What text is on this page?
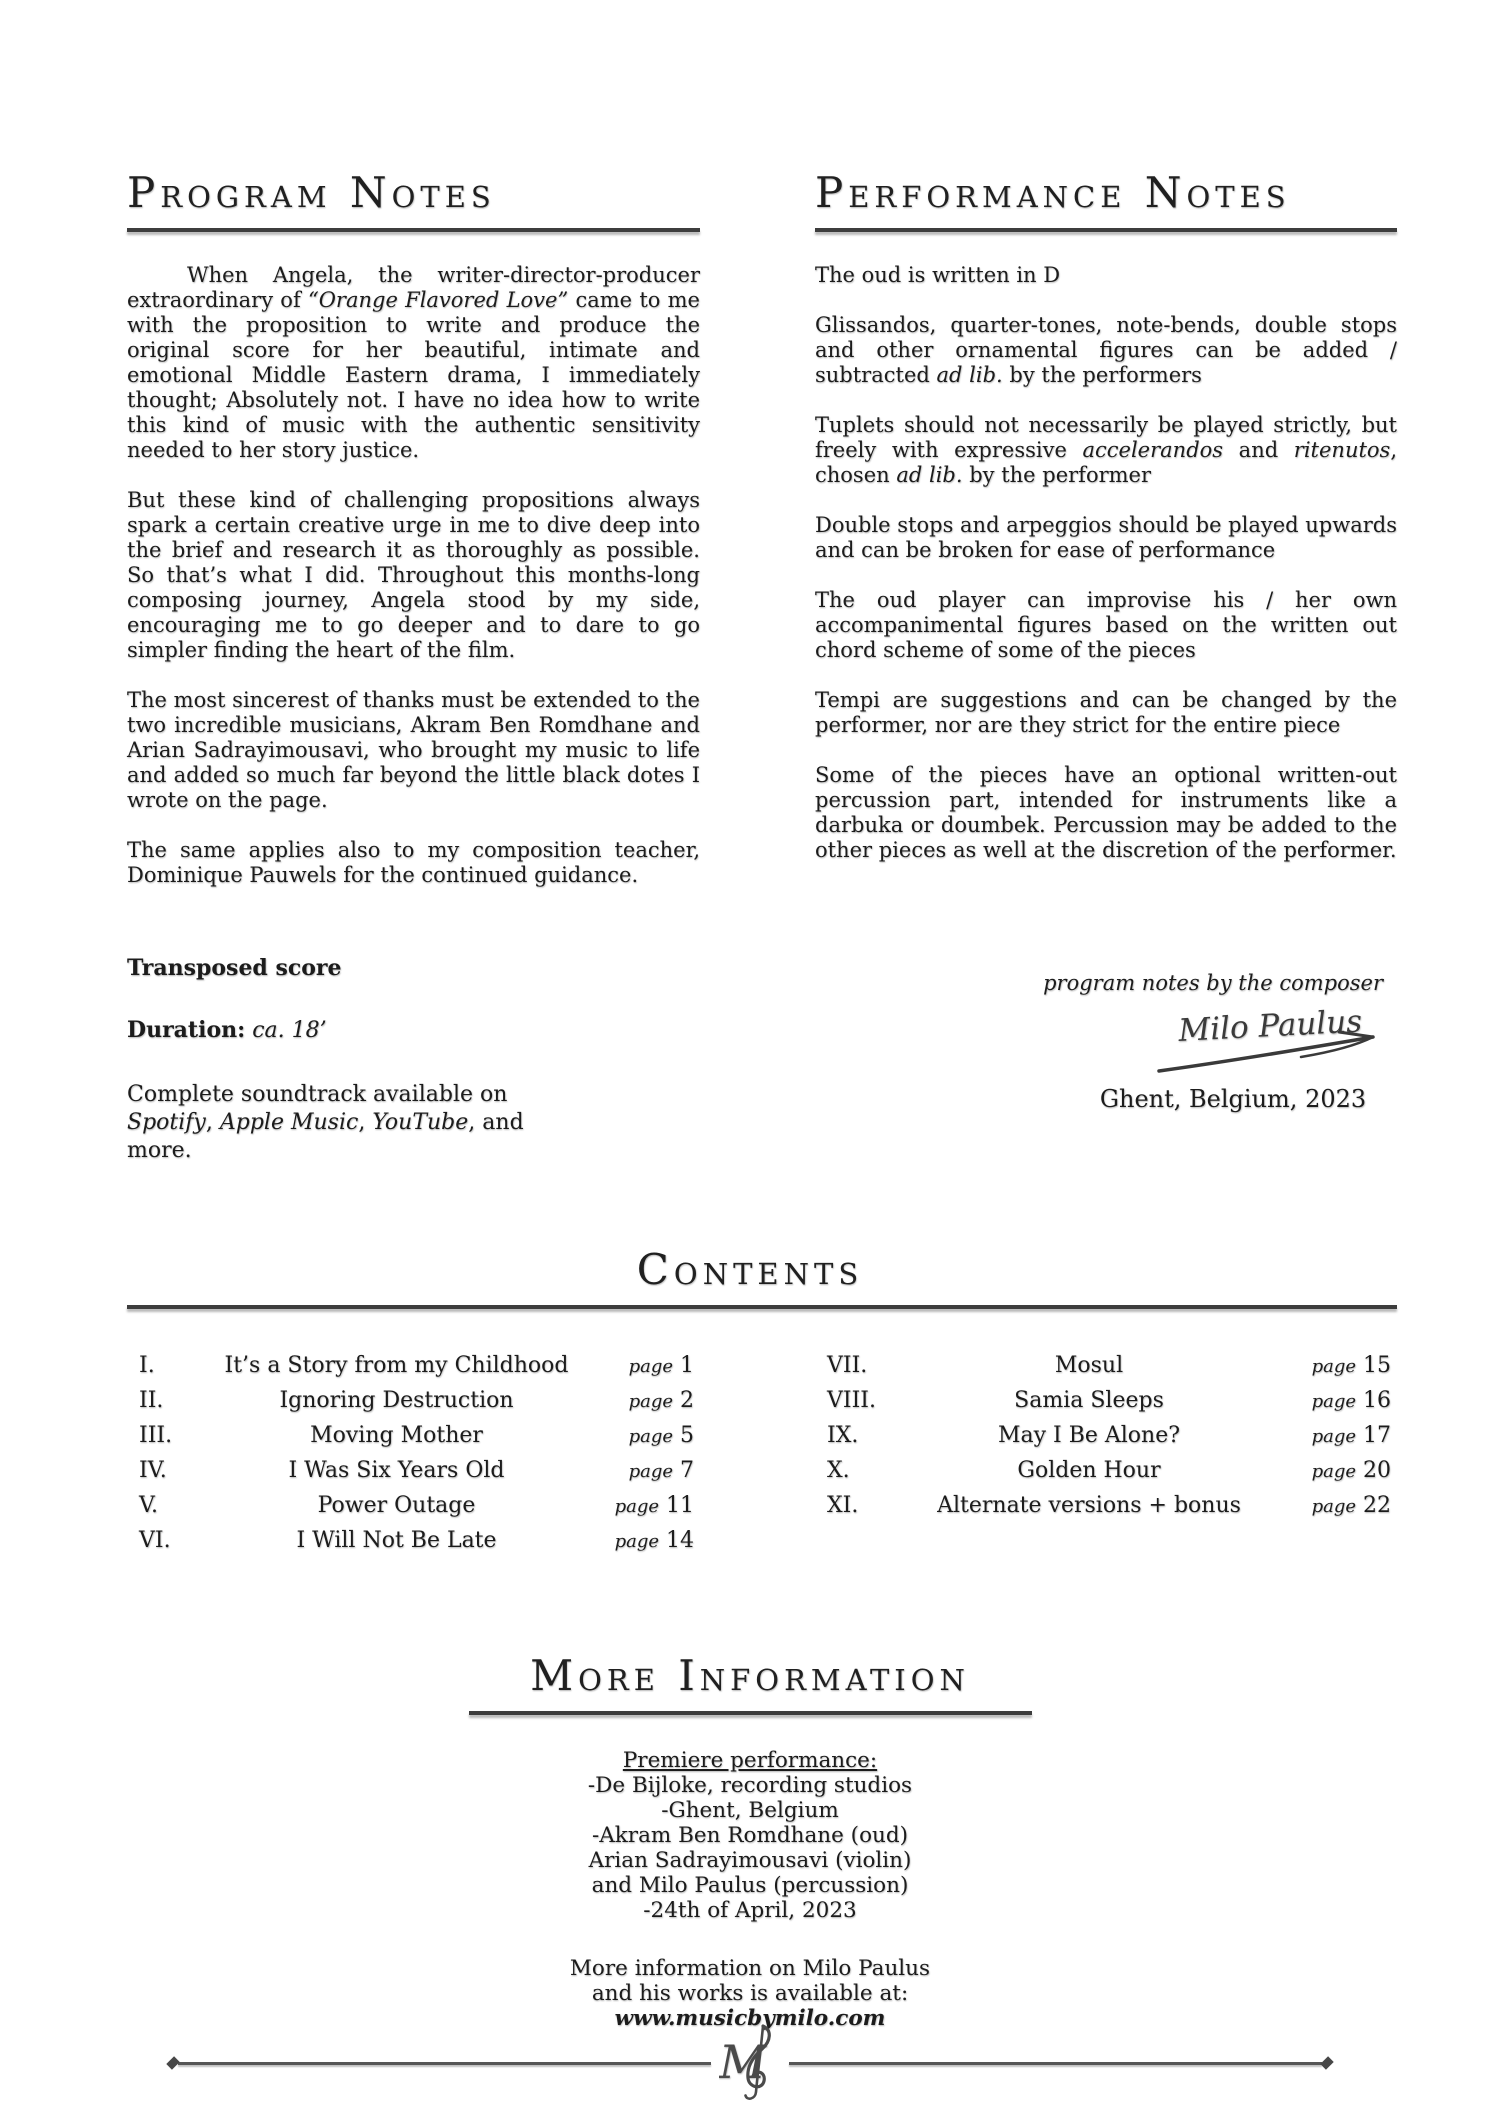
Program Notes

When Angela, the writer-director-producer extraordinary of “Orange Flavored Love” came to me with the proposition to write and produce the original score for her beautiful, intimate and emotional Middle Eastern drama, I immediately thought; Absolutely not. I have no idea how to write this kind of music with the authentic sensitivity needed to her story justice.

But these kind of challenging propositions always spark a certain creative urge in me to dive deep into the brief and research it as thoroughly as possible. So that’s what I did. Throughout this months-long composing journey, Angela stood by my side, encouraging me to go deeper and to dare to go simpler finding the heart of the film.

The most sincerest of thanks must be extended to the two incredible musicians, Akram Ben Romdhane and Arian Sadrayimousavi, who brought my music to life and added so much far beyond the little black dotes I wrote on the page.

The same applies also to my composition teacher, Dominique Pauwels for the continued guidance.

Performance Notes

The oud is written in D

Glissandos, quarter-tones, note-bends, double stops and other ornamental figures can be added / subtracted ad lib. by the performers

Tuplets should not necessarily be played strictly, but freely with expressive accelerandos and ritenutos, chosen ad lib. by the performer

Double stops and arpeggios should be played upwards and can be broken for ease of performance

The oud player can improvise his / her own accompanimental figures based on the written out chord scheme of some of the pieces

Tempi are suggestions and can be changed by the performer, nor are they strict for the entire piece

Some of the pieces have an optional written-out percussion part, intended for instruments like a darbuka or doumbek. Percussion may be added to the other pieces as well at the discretion of the performer.

Transposed score
Duration: ca. 18’
Complete soundtrack available on Spotify, Apple Music, YouTube, and more.
program notes by the composer
Milo Paulus
Ghent, Belgium, 2023
Contents
I.	It’s a Story from my Childhood	page 1
II.	Ignoring Destruction	page 2
III.	Moving Mother	page 5
IV.	I Was Six Years Old	page 7
V.	Power Outage	page 11
VI.	I Will Not Be Late	page 14
VII.	Mosul	page 15
VIII.	Samia Sleeps	page 16
IX.	May I Be Alone?	page 17
X.	Golden Hour	page 20
XI.	Alternate versions + bonus	page 22
More Information
Premiere performance:
-De Bijloke, recording studios
-Ghent, Belgium
-Akram Ben Romdhane (oud)
Arian Sadrayimousavi (violin)
and Milo Paulus (percussion)
-24th of April, 2023
More information on Milo Paulus
and his works is available at:
www.musicbymilo.com
M
